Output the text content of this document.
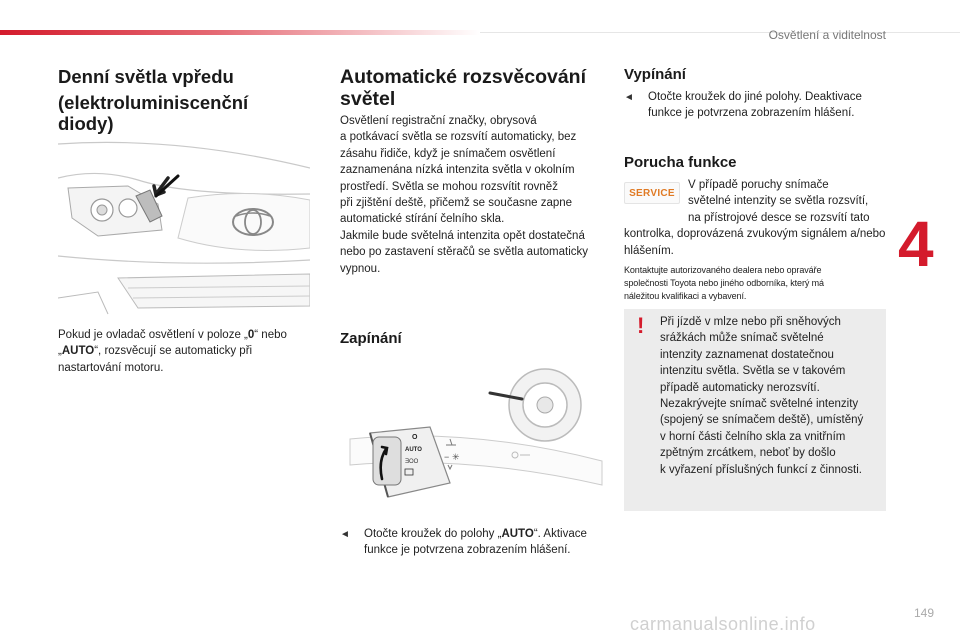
Osvětlení a viditelnost
4
Denní světla vpředu
(elektroluminiscenční diody)

Pokud je ovladač osvětlení v poloze „0“ nebo „AUTO“, rozsvěcují se automaticky při nastartování motoru.

Automatické rozsvěcování světel

Osvětlení registrační značky, obrysová
a potkávací světla se rozsvítí automaticky, bez zásahu řidiče, když je snímačem osvětlení zaznamenána nízká intenzita světla v okolním prostředí. Světla se mohou rozsvítit rovněž
při zjištění deště, přičemž se současne zapne automatické stírání čelního skla.
Jakmile bude světelná intenzita opět dostatečná nebo po zastavení stěračů se světla automaticky vypnou.

Zapínání
O
AUTO
ƎOO	− ✳
◄	Otočte kroužek do polohy „AUTO“. Aktivace funkce je potvrzena zobrazením hlášení.
Vypínání
◄	Otočte kroužek do jiné polohy. Deaktivace funkce je potvrzena zobrazením hlášení.
Porucha funkce
SERVICE

V případě poruchy snímače
světelné intenzity se světla rozsvítí,
na přístrojové desce se rozsvítí tato
kontrolka, doprovázená zvukovým signálem a/nebo hlášením.

Kontaktujte autorizovaného dealera nebo opraváře
společnosti Toyota nebo jiného odborníka, který má
náležitou kvalifikaci a vybavení.

! Při jízdě v mlze nebo při sněhových
srážkách může snímač světelné
intenzity zaznamenat dostatečnou
intenzitu světla. Světla se v takovém
případě automaticky nerozsvítí.
Nezakrývejte snímač světelné intenzity
(spojený se snímačem deště), umístěný
v horní části čelního skla za vnitřním
zpětným zrcátkem, neboť by došlo
k vyřazení příslušných funkcí z činnosti.
149
carmanualsonline.info
